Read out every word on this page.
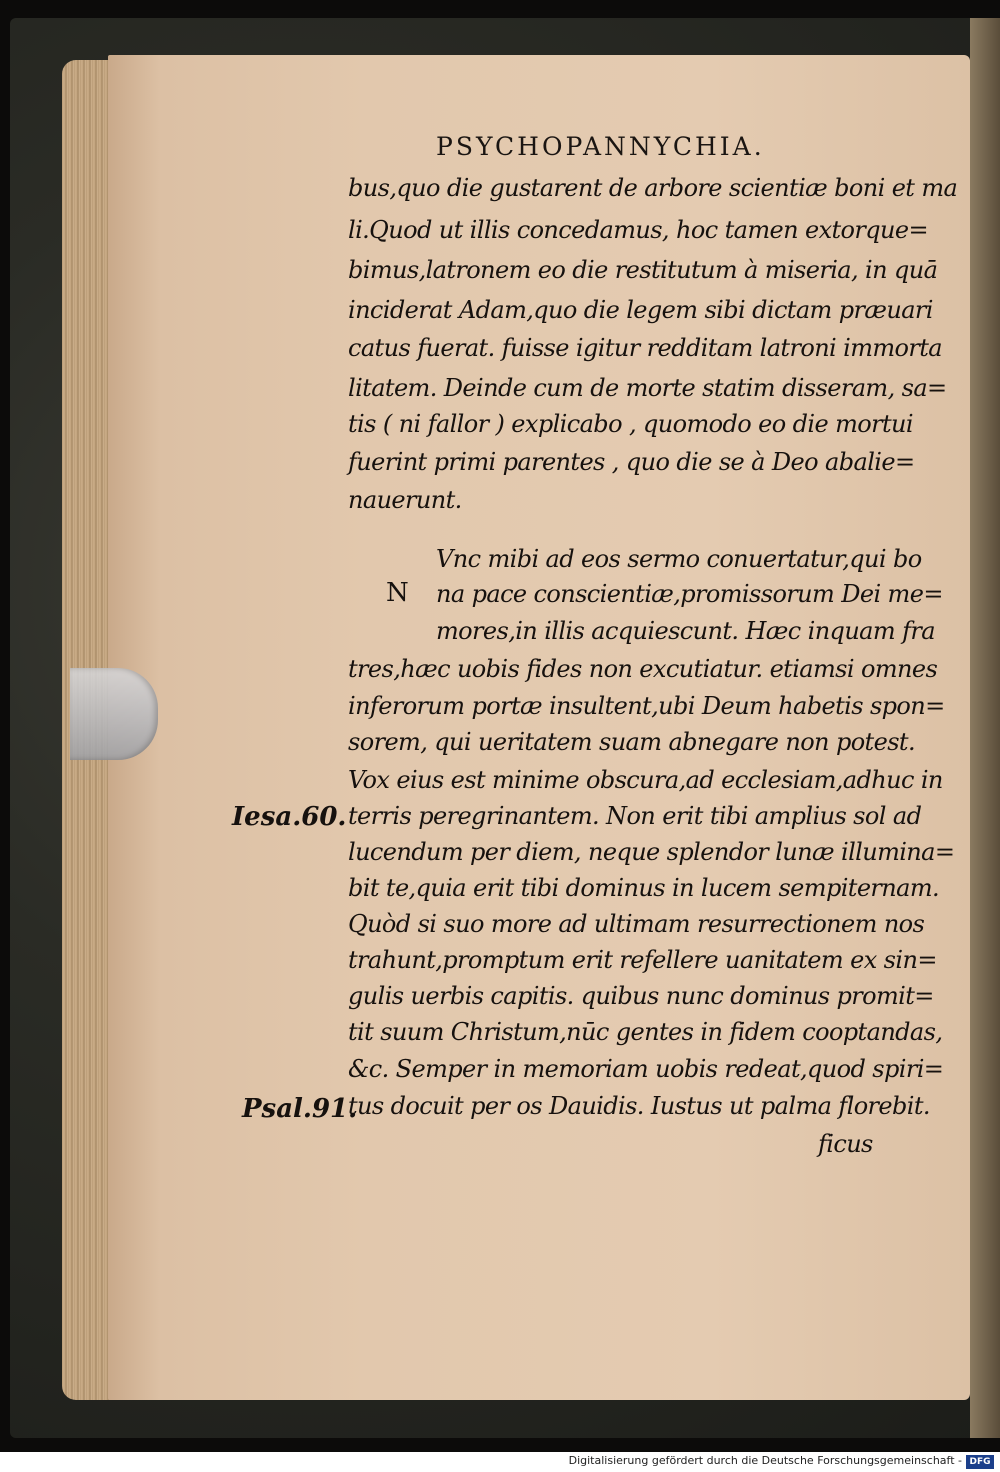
PSYCHOPANNYCHIA.
bus,quo die gustarent de arbore scientiæ boni et ma
li.Quod ut illis concedamus, hoc tamen extorque=
bimus,latronem eo die restitutum à miseria, in quā
inciderat Adam,quo die legem sibi dictam præuari
catus fuerat. fuisse igitur redditam latroni immorta
litatem. Deinde cum de morte statim disseram, sa=
tis ( ni fallor ) explicabo , quomodo eo die mortui
fuerint primi parentes , quo die se à Deo abalie=
nauerunt.
Vnc mibi ad eos sermo conuertatur,qui bo
N na pace conscientiæ,promissorum Dei me=
mores,in illis acquiescunt. Hæc inquam fra
tres,hæc uobis fides non excutiatur. etiamsi omnes
inferorum portæ insultent,ubi Deum habetis spon=
sorem, qui ueritatem suam abnegare non potest.
Vox eius est minime obscura,ad ecclesiam,adhuc in
terris peregrinantem. Non erit tibi amplius sol ad
lucendum per diem, neque splendor lunæ illumina=
bit te,quia erit tibi dominus in lucem sempiternam.
Quòd si suo more ad ultimam resurrectionem nos
trahunt,promptum erit refellere uanitatem ex sin=
gulis uerbis capitis. quibus nunc dominus promit=
tit suum Christum,nūc gentes in fidem cooptandas,
&c. Semper in memoriam uobis redeat,quod spiri=
tus docuit per os Dauidis. Iustus ut palma florebit.
ficus
Iesa.60.
Psal.91.
Digitalisierung gefördert durch die Deutsche Forschungsgemeinschaft - DFG
